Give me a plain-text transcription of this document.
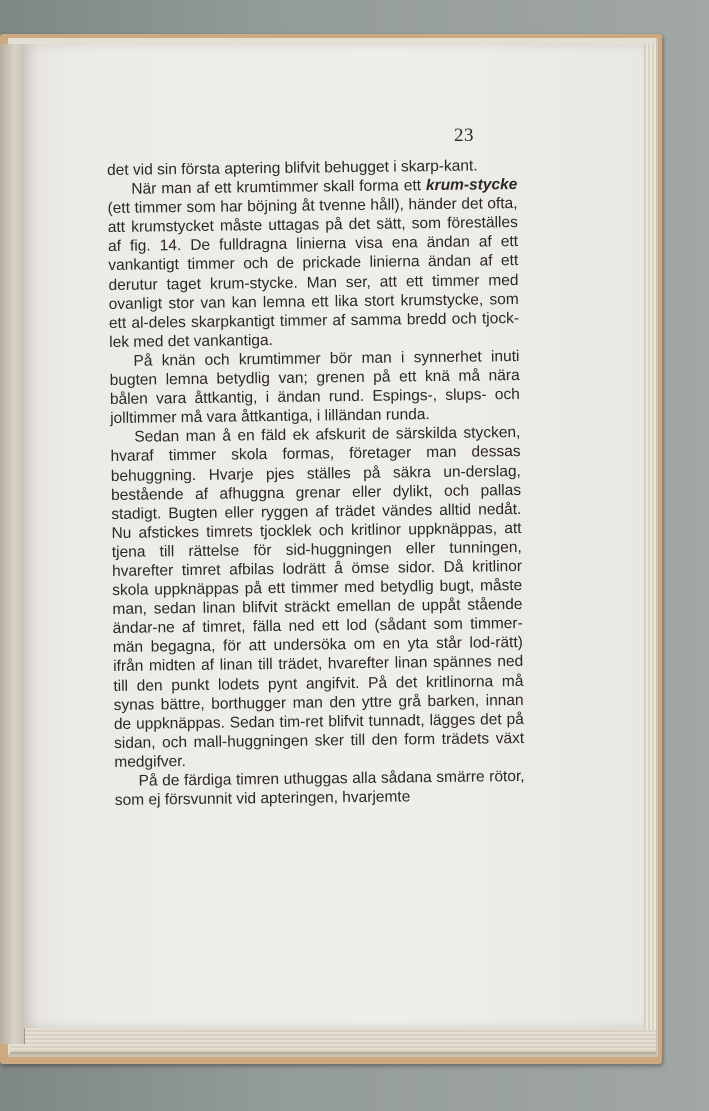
23

det vid sin första aptering blifvit behugget i skarp-kant.

När man af ett krumtimmer skall forma ett krum-stycke (ett timmer som har böjning åt tvenne håll), händer det ofta, att krumstycket måste uttagas på det sätt, som föreställes af fig. 14. De fulldragna linierna visa ena ändan af ett vankantigt timmer och de prickade linierna ändan af ett derutur taget krum-stycke. Man ser, att ett timmer med ovanligt stor van kan lemna ett lika stort krumstycke, som ett al-deles skarpkantigt timmer af samma bredd och tjock-lek med det vankantiga.

På knän och krumtimmer bör man i synnerhet inuti bugten lemna betydlig van; grenen på ett knä må nära bålen vara åttkantig, i ändan rund. Espings-, slups- och jolltimmer må vara åttkantiga, i lilländan runda.

Sedan man å en fäld ek afskurit de särskilda stycken, hvaraf timmer skola formas, företager man dessas behuggning. Hvarje pjes ställes på säkra un-derslag, bestående af afhuggna grenar eller dylikt, och pallas stadigt. Bugten eller ryggen af trädet vändes alltid nedåt. Nu afstickes timrets tjocklek och kritlinor uppknäppas, att tjena till rättelse för sid-huggningen eller tunningen, hvarefter timret afbilas lodrätt å ömse sidor. Då kritlinor skola uppknäppas på ett timmer med betydlig bugt, måste man, sedan linan blifvit sträckt emellan de uppåt stående ändar-ne af timret, fälla ned ett lod (sådant som timmer-män begagna, för att undersöka om en yta står lod-rätt) ifrån midten af linan till trädet, hvarefter linan spännes ned till den punkt lodets pynt angifvit. På det kritlinorna må synas bättre, borthugger man den yttre grå barken, innan de uppknäppas. Sedan tim-ret blifvit tunnadt, lägges det på sidan, och mall-huggningen sker till den form trädets växt medgifver.

På de färdiga timren uthuggas alla sådana smärre rötor, som ej försvunnit vid apteringen, hvarjemte
